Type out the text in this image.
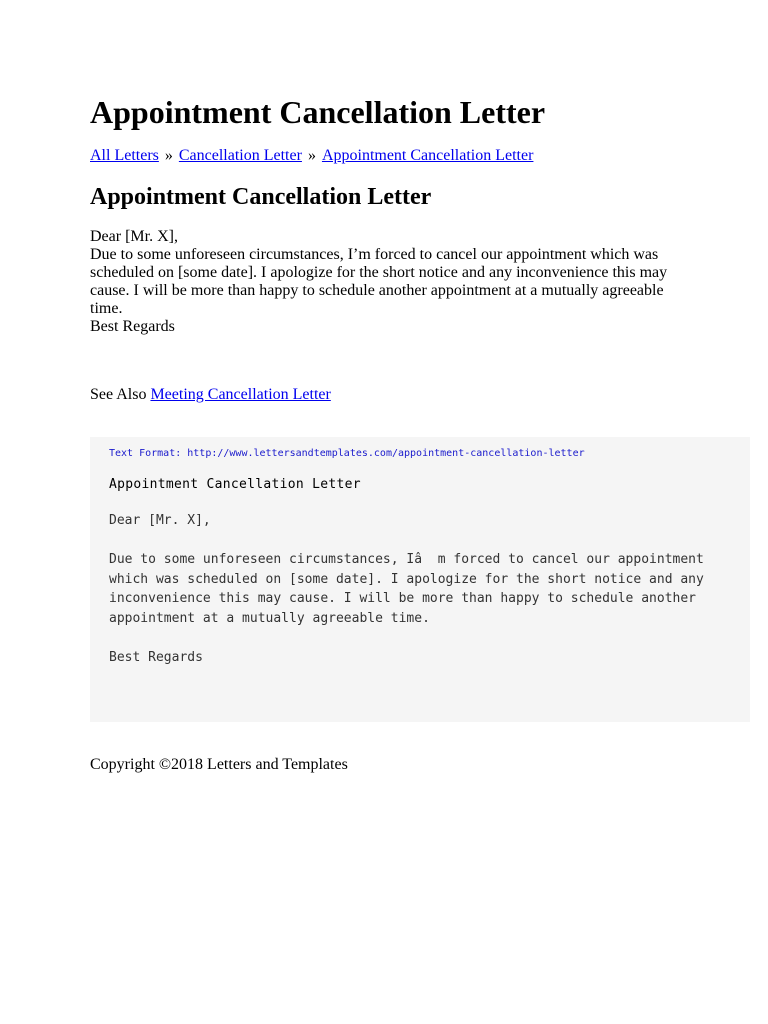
Appointment Cancellation Letter
All Letters » Cancellation Letter » Appointment Cancellation Letter
Appointment Cancellation Letter

Dear [Mr. X],

Due to some unforeseen circumstances, I’m forced to cancel our appointment which was scheduled on [some date]. I apologize for the short notice and any inconvenience this may cause. I will be more than happy to schedule another appointment at a mutually agreeable time.

Best Regards

See Also Meeting Cancellation Letter
Text Format: http://www.lettersandtemplates.com/appointment-cancellation-letter
Appointment Cancellation Letter
Dear [Mr. X],

Due to some unforeseen circumstances, Iâ  m forced to cancel our appointment
which was scheduled on [some date]. I apologize for the short notice and any
inconvenience this may cause. I will be more than happy to schedule another
appointment at a mutually agreeable time.

Best Regards
Copyright ©2018 Letters and Templates
